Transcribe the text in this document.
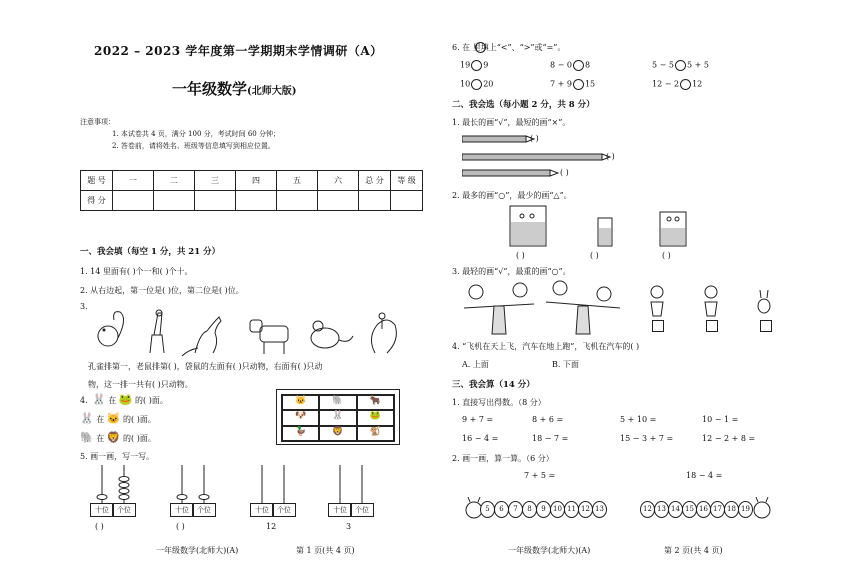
2022 – 2023 学年度第一学期期末学情调研（A）
一年级数学(北师大版)
注意事项：
1. 本试卷共 4 页，满分 100 分，考试时间 60 分钟；
2. 答卷前，请将姓名、班级等信息填写到相应位置。
题 号	一	二	三	四	五	六	总 分	等 级
得 分								
一、我会填（每空 1 分，共 21 分）
1. 14 里面有( )个一和( )个十。
2. 从右边起，第一位是( )位，第二位是( )位。
3.
孔雀排第一，老鼠排第( )，袋鼠的左面有( )只动物，右面有( )只动
物，这一排一共有( )只动物。
4. 🐰 在 🐸 的( )面。
🐰 在 🐱 的( )面。
🐘 在 🦁 的( )面。
🐱	🐘	🐂
🐶	🐰	🐸
🦆	🦁	🐒
5. 画一画，写一写。
十位	个位
( )
十位	个位
( )
十位	个位
12
十位	个位
3
一年级数学(北师大)(A)	第 1 页(共 4 页)
6. 在 里填上“<”、“>”或“=”。
19 9	8 − 0 8	5 − 5 5 + 5
10 20	7 + 9 15	12 − 2 12
二、我会选（每小题 2 分，共 8 分）
1. 最长的画“√”，最短的画“×”。
( )
( )
( )
2. 最多的画“○”，最少的画“△”。
( )	( )	( )
3. 最轻的画“√”，最重的画“○”。
4. “飞机在天上飞，汽车在地上跑”，飞机在汽车的( )
A. 上面	B. 下面
三、我会算（14 分）
1. 直接写出得数。（8 分）
9 + 7 =	8 + 6 =	5 + 10 =	10 − 1 =
16 − 4 =	18 − 7 =	15 − 3 + 7 =	12 − 2 + 8 =
2. 画一画，算一算。（6 分）
7 + 5 =	18 − 4 =
5	6	7	8	9	10 11 12 13	12 13 14 15 16 17 18 19
一年级数学(北师大)(A)	第 2 页(共 4 页)
